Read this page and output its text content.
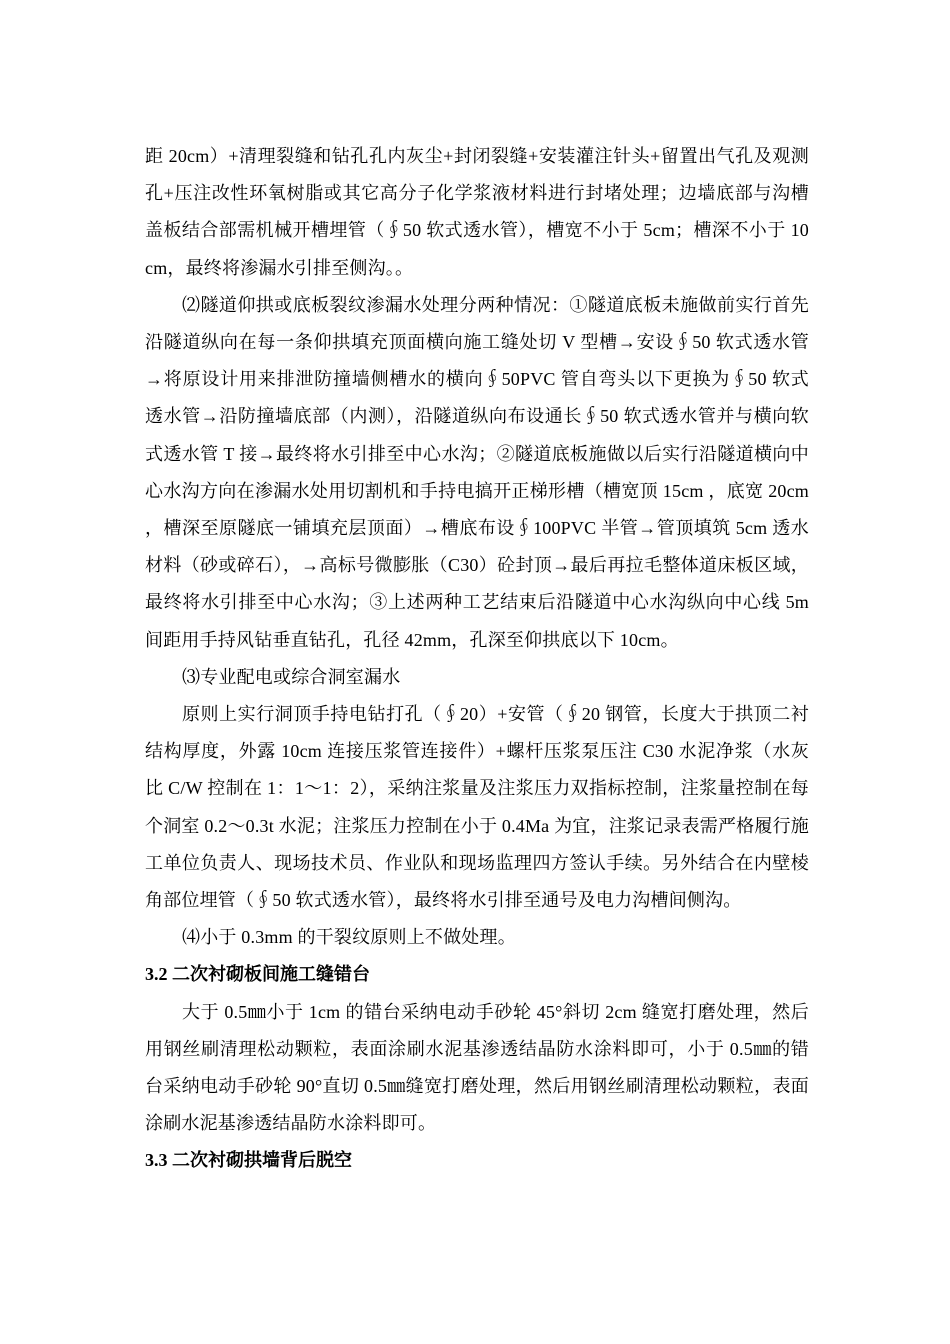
距 20cm）+清理裂缝和钻孔孔内灰尘+封闭裂缝+安装灌注针头+留置出气孔及观测孔+压注改性环氧树脂或其它高分子化学浆液材料进行封堵处理；边墙底部与沟槽盖板结合部需机械开槽埋管（∮50 软式透水管），槽宽不小于 5cm；槽深不小于 10cm，最终将渗漏水引排至侧沟。。

⑵隧道仰拱或底板裂纹渗漏水处理分两种情况：①隧道底板未施做前实行首先沿隧道纵向在每一条仰拱填充顶面横向施工缝处切 V 型槽→安设∮50 软式透水管→将原设计用来排泄防撞墙侧槽水的横向∮50PVC 管自弯头以下更换为∮50 软式透水管→沿防撞墙底部（内测），沿隧道纵向布设通长∮50 软式透水管并与横向软式透水管 T 接→最终将水引排至中心水沟；②隧道底板施做以后实行沿隧道横向中心水沟方向在渗漏水处用切割机和手持电搞开正梯形槽（槽宽顶 15cm ，底宽 20cm ，槽深至原隧底一铺填充层顶面）→槽底布设∮100PVC 半管→管顶填筑 5cm 透水材料（砂或碎石），→高标号微膨胀（C30）砼封顶→最后再拉毛整体道床板区域，最终将水引排至中心水沟；③上述两种工艺结束后沿隧道中心水沟纵向中心线 5m 间距用手持风钻垂直钻孔，孔径 42mm，孔深至仰拱底以下 10cm。

⑶专业配电或综合洞室漏水

原则上实行洞顶手持电钻打孔（∮20）+安管（∮20 钢管，长度大于拱顶二衬结构厚度，外露 10cm 连接压浆管连接件）+螺杆压浆泵压注 C30 水泥净浆（水灰比 C/W 控制在 1：1～1：2），采纳注浆量及注浆压力双指标控制，注浆量控制在每个洞室 0.2～0.3t 水泥；注浆压力控制在小于 0.4Ma 为宜，注浆记录表需严格履行施工单位负责人、现场技术员、作业队和现场监理四方签认手续。另外结合在内壁棱角部位埋管（∮50 软式透水管），最终将水引排至通号及电力沟槽间侧沟。

⑷小于 0.3mm 的干裂纹原则上不做处理。

3.2 二次衬砌板间施工缝错台

大于 0.5㎜小于 1cm 的错台采纳电动手砂轮 45°斜切 2cm 缝宽打磨处理，然后用钢丝刷清理松动颗粒，表面涂刷水泥基渗透结晶防水涂料即可，小于 0.5㎜的错台采纳电动手砂轮 90°直切 0.5㎜缝宽打磨处理，然后用钢丝刷清理松动颗粒，表面涂刷水泥基渗透结晶防水涂料即可。

3.3 二次衬砌拱墙背后脱空
